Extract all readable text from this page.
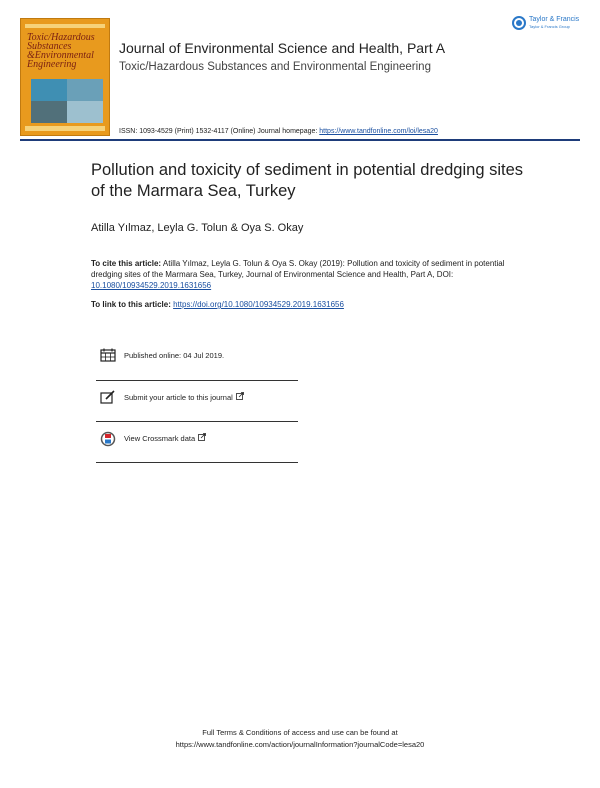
Toxic/Hazardous
Substances
&Environmental
Engineering
Journal of Environmental Science and Health, Part A
Toxic/Hazardous Substances and Environmental Engineering
ISSN: 1093-4529 (Print) 1532-4117 (Online) Journal homepage: https://www.tandfonline.com/loi/lesa20
Taylor & Francis
Taylor & Francis Group
Pollution and toxicity of sediment in potential dredging sites of the Marmara Sea, Turkey
Atilla Yılmaz, Leyla G. Tolun & Oya S. Okay
To cite this article: Atilla Yılmaz, Leyla G. Tolun & Oya S. Okay (2019): Pollution and toxicity of sediment in potential dredging sites of the Marmara Sea, Turkey, Journal of Environmental Science and Health, Part A, DOI: 10.1080/10934529.2019.1631656
To link to this article: https://doi.org/10.1080/10934529.2019.1631656
Published online: 04 Jul 2019.
Submit your article to this journal
View Crossmark data
Full Terms & Conditions of access and use can be found at
https://www.tandfonline.com/action/journalInformation?journalCode=lesa20
